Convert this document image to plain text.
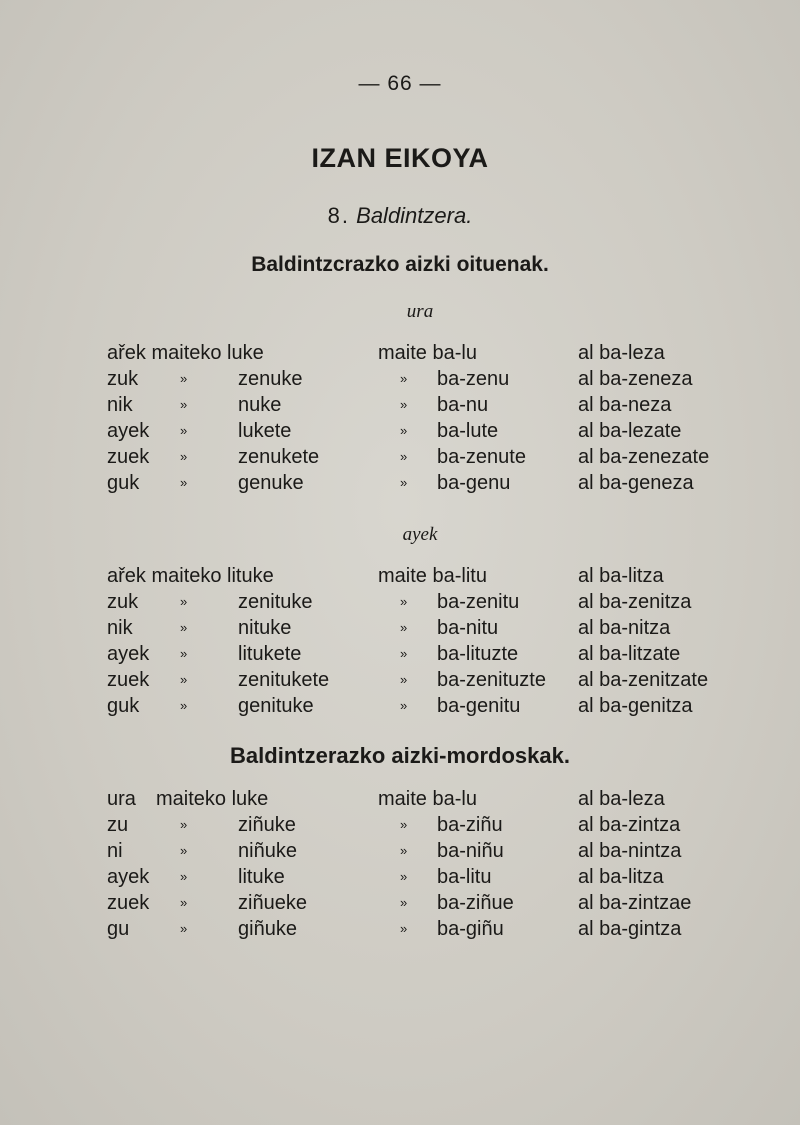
— 66 —
IZAN EIKOYA
8. Baldintzera.
Baldintzcrazko aizki oituenak.
ura
ařek maiteko luke	maite ba-lu	al ba-leza
zuk	»	zenuke	» ba-zenu	al ba-zeneza
nik	»	nuke	» ba-nu	al ba-neza
ayek »	lukete	» ba-lute	al ba-lezate
zuek »	zenukete	» ba-zenute	al ba-zenezate
guk	»	genuke	» ba-genu	al ba-geneza
ayek
ařek maiteko lituke	maite ba-litu	al ba-litza
zuk	»	zenituke	» ba-zenitu	al ba-zenitza
nik	»	nituke	» ba-nitu	al ba-nitza
ayek »	litukete	» ba-lituzte	al ba-litzate
zuek »	zenitukete	» ba-zenituzte al ba-zenitzate
guk	»	genituke	» ba-genitu	al ba-genitza
Baldintzerazko aizki-mordoskak.
ura maiteko luke	maite ba-lu	al ba-leza
zu	»	ziñuke	» ba-ziñu	al ba-zintza
ni	»	niñuke	» ba-niñu	al ba-nintza
ayek »	lituke	» ba-litu	al ba-litza
zuek »	ziñueke	» ba-ziñue	al ba-zintzae
gu	»	giñuke	» ba-giñu	al ba-gintza
